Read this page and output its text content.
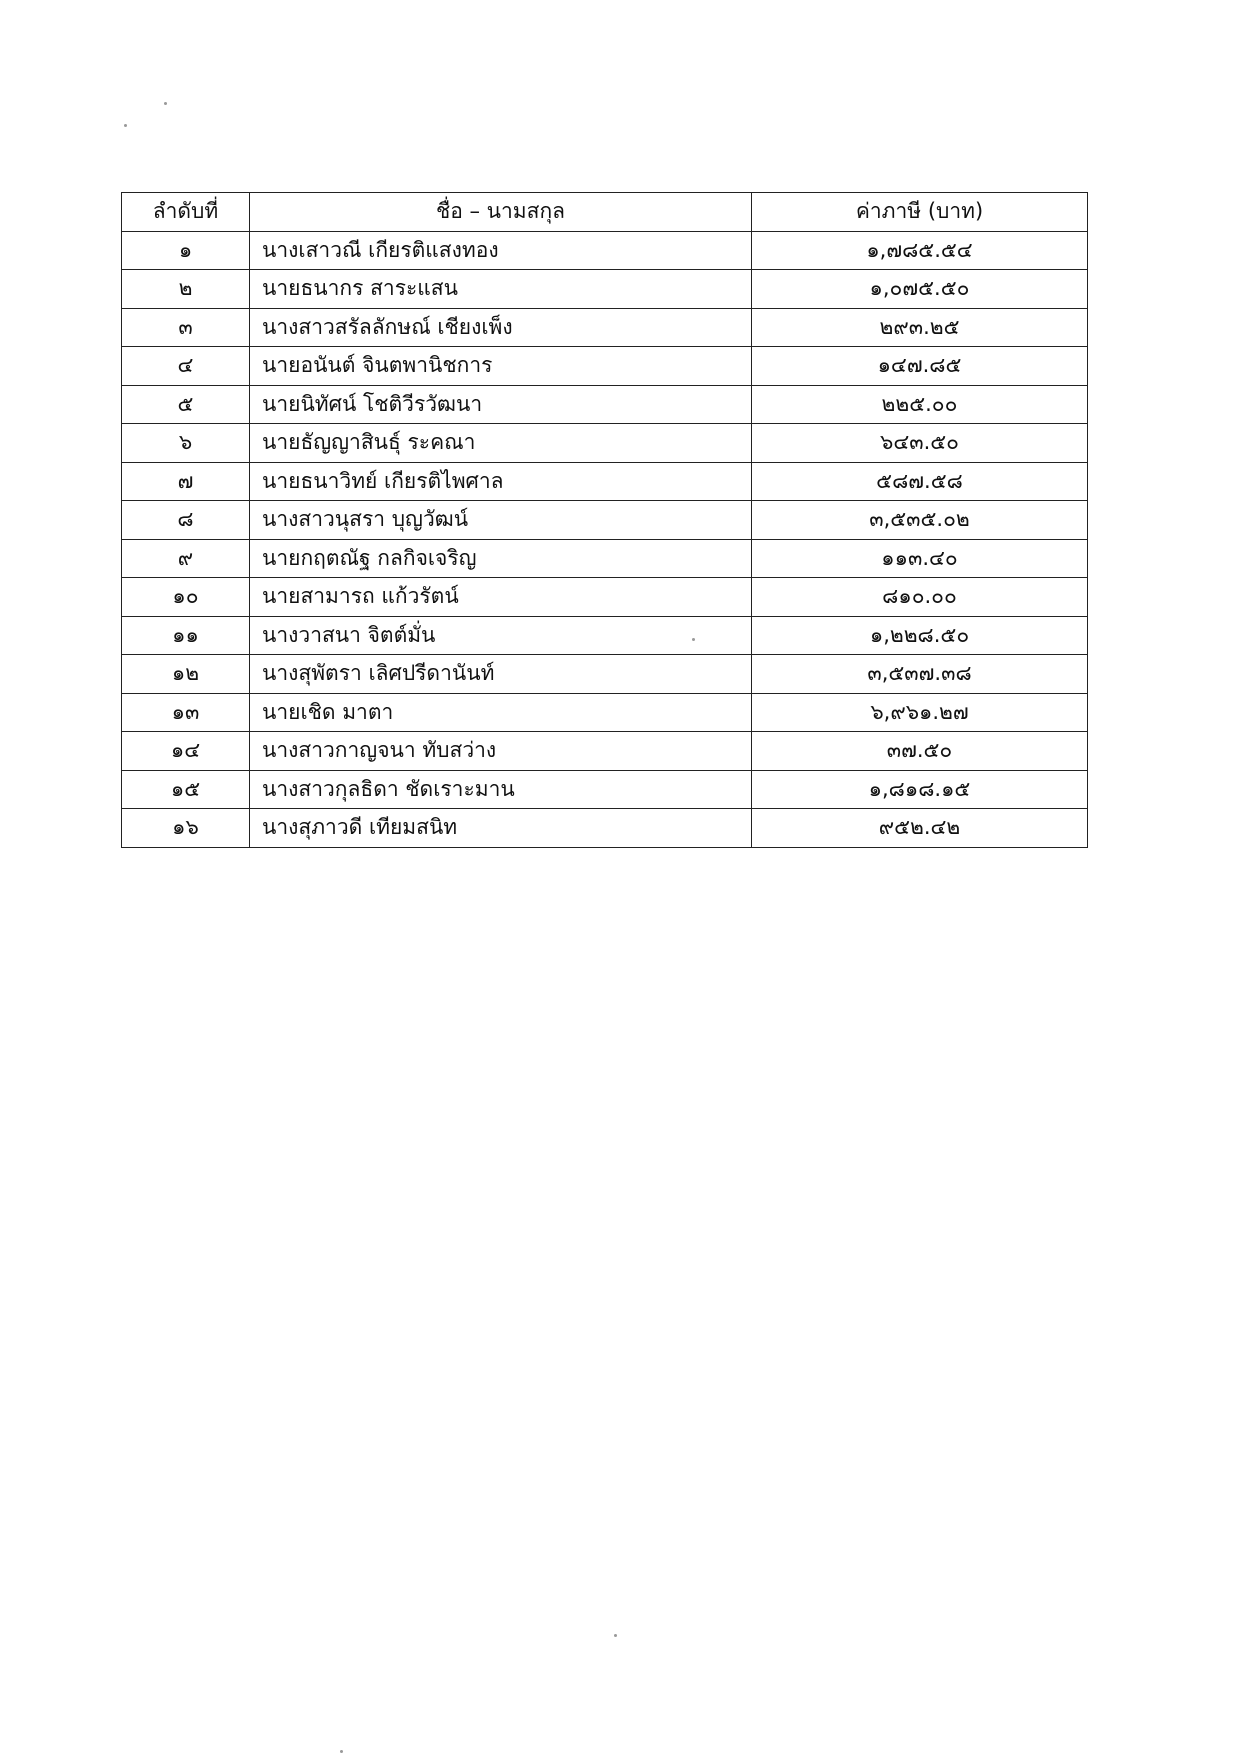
ลำดับที่	ชื่อ – นามสกุล	ค่าภาษี (บาท)
๑	นางเสาวณี เกียรติแสงทอง	๑,๗๘๕.๕๔
๒	นายธนากร สาระแสน	๑,๐๗๕.๕๐
๓	นางสาวสรัลลักษณ์ เชียงเพ็ง	๒๙๓.๒๕
๔	นายอนันต์ จินตพานิชการ	๑๔๗.๘๕
๕	นายนิทัศน์ โชติวีรวัฒนา	๒๒๕.๐๐
๖	นายธัญญาสินธุ์ ระคณา	๖๔๓.๕๐
๗	นายธนาวิทย์ เกียรติไพศาล	๕๘๗.๕๘
๘	นางสาวนุสรา บุญวัฒน์	๓,๕๓๕.๐๒
๙	นายกฤตณัฐ กลกิจเจริญ	๑๑๓.๔๐
๑๐	นายสามารถ แก้วรัตน์	๘๑๐.๐๐
๑๑	นางวาสนา จิตต์มั่น	๑,๒๒๘.๕๐
๑๒	นางสุพัตรา เลิศปรีดานันท์	๓,๕๓๗.๓๘
๑๓	นายเชิด มาตา	๖,๙๖๑.๒๗
๑๔	นางสาวกาญจนา ทับสว่าง	๓๗.๕๐
๑๕	นางสาวกุลธิดา ชัดเราะมาน	๑,๘๑๘.๑๕
๑๖	นางสุภาวดี เทียมสนิท	๙๕๒.๔๒
